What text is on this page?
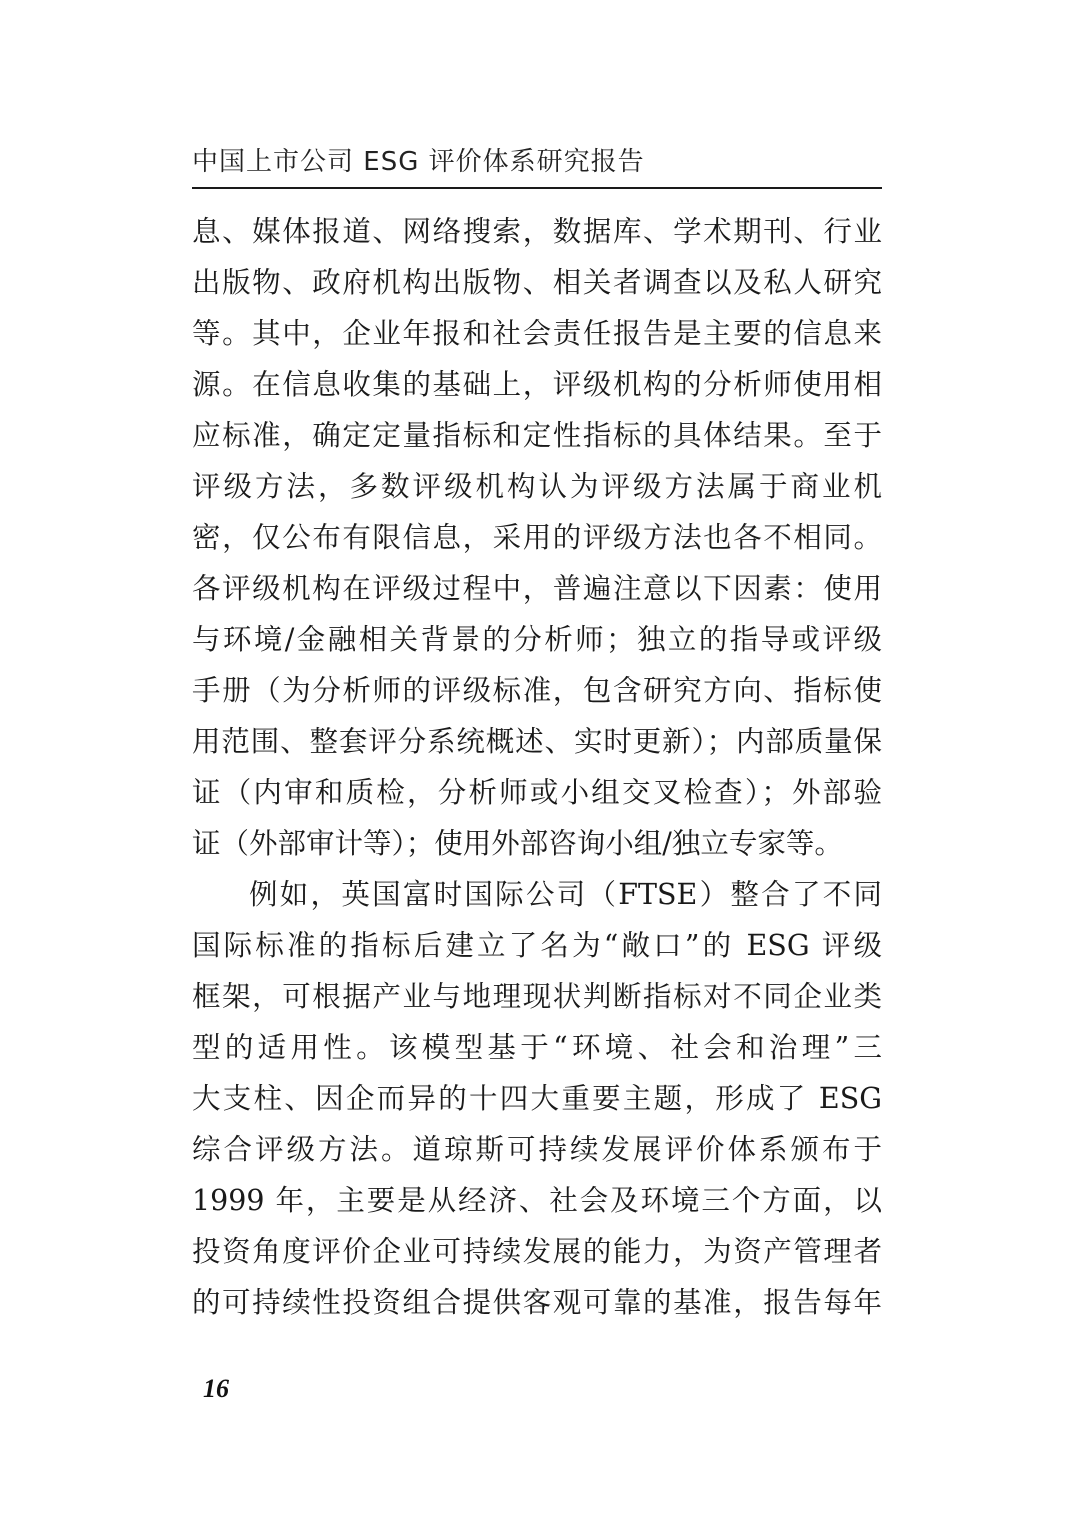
中国上市公司 ESG 评价体系研究报告
息、媒体报道、网络搜索，数据库、学术期刊、行业
出版物、政府机构出版物、相关者调查以及私人研究
等。其中，企业年报和社会责任报告是主要的信息来
源。在信息收集的基础上，评级机构的分析师使用相
应标准，确定定量指标和定性指标的具体结果。至于
评级方法，多数评级机构认为评级方法属于商业机
密，仅公布有限信息，采用的评级方法也各不相同。
各评级机构在评级过程中，普遍注意以下因素：使用
与环境/金融相关背景的分析师；独立的指导或评级
手册（为分析师的评级标准，包含研究方向、指标使
用范围、整套评分系统概述、实时更新）；内部质量保
证（内审和质检，分析师或小组交叉检查）；外部验
证（外部审计等）；使用外部咨询小组/独立专家等。
例如，英国富时国际公司（FTSE）整合了不同
国际标准的指标后建立了名为“敞口”的 ESG 评级
框架，可根据产业与地理现状判断指标对不同企业类
型的适用性。该模型基于“环境、社会和治理”三
大支柱、因企而异的十四大重要主题，形成了 ESG
综合评级方法。道琼斯可持续发展评价体系颁布于
1999 年，主要是从经济、社会及环境三个方面，以
投资角度评价企业可持续发展的能力，为资产管理者
的可持续性投资组合提供客观可靠的基准，报告每年
16
